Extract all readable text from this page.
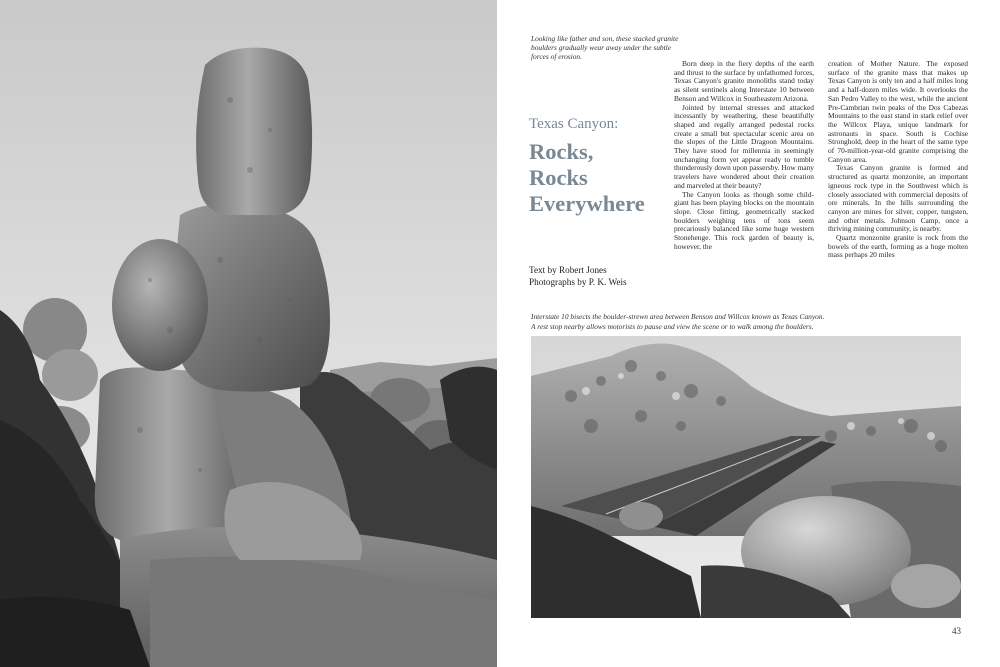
Looking like father and son, these stacked granite boulders gradually wear away under the subtle forces of erosion.
Texas Canyon:
Rocks,
Rocks
Everywhere
Text by Robert Jones
Photographs by P. K. Weis

Born deep in the fiery depths of the earth and thrust to the surface by unfathomed forces, Texas Canyon's granite monoliths stand today as silent sentinels along Interstate 10 between Benson and Willcox in Southeastern Arizona.

Jointed by internal stresses and attacked incessantly by weathering, these beautifully shaped and regally arranged pedestal rocks create a small but spectacular scenic area on the slopes of the Little Dragoon Mountains. They have stood for millennia in seemingly unchanging form yet appear ready to tumble thunderously down upon passersby. How many travelers have wondered about their creation and marveled at their beauty?

The Canyon looks as though some child-giant has been playing blocks on the mountain slope. Close fitting, geometrically stacked boulders weighing tens of tons seem precariously balanced like some huge western Stonehenge. This rock garden of beauty is, however, the

creation of Mother Nature. The exposed surface of the granite mass that makes up Texas Canyon is only ten and a half miles long and a half-dozen miles wide. It overlooks the San Pedro Valley to the west, while the ancient Pre-Cambrian twin peaks of the Dos Cabezas Mountains to the east stand in stark relief over the Willcox Playa, unique landmark for astronauts in space. South is Cochise Stronghold, deep in the heart of the same type of 70-million-year-old granite comprising the Canyon area.

Texas Canyon granite is formed and structured as quartz monzonite, an important igneous rock type in the Southwest which is closely associated with commercial deposits of ore minerals. In the hills surrounding the canyon are mines for silver, copper, tungsten, and other metals. Johnson Camp, once a thriving mining community, is nearby.

Quartz monzonite granite is rock from the bowels of the earth, forming as a huge molten mass perhaps 20 miles

Interstate 10 bisects the boulder-strewn area between Benson and Willcox known as Texas Canyon.
A rest stop nearby allows motorists to pause and view the scene or to walk among the boulders.
43
